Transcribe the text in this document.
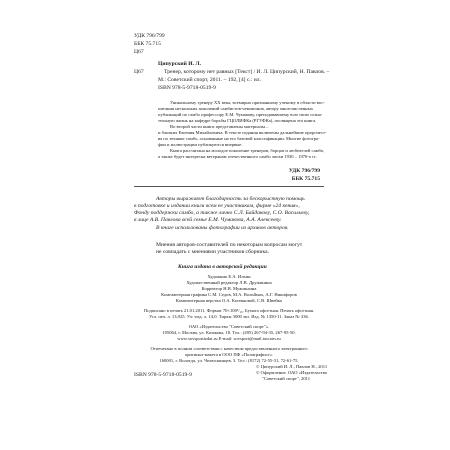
УДК 796/799
ББК 75.715
Ц67
Ципурский И. Л.
Ц67	Тренер, которому нет равных [Текст] / И. Л. Ципурский, Н. Павлов. –
М.: Советский спорт, 2011. – 192, [4] с.: ил.
ISBN 978-5-9718-0519-9
Уникальному тренеру XX века, всемирно признанному ученому в области вос-
питания нескольких поколений самбистов-чемпионов, автору многочисленных
публикаций по самбо профессору Е.М. Чумакову, преподававшему всю свою созна-
тельную жизнь на кафедре борьбы ГЦОЛИФКа (РГУФКа), посвящена эта книга.
Во второй части книги представлены материалы...
и близких Евгения Михайловича. В тексте издания включены дальнейшие пророчест-
ва по технике самбо, основанные на его базовой классификации. Многие фотогра-
фии и иллюстрации публикуются впервые.
Книга рассчитана на молодое поколение тренеров, борцов и любителей самбо,
а также будет интересна ветеранам отечественного самбо эпохи 1930 – 1970-х гг.
УДК 796/799
ББК 75.715
Авторы выражают благодарность за бескорыстную помощь
в подготовке и издании книги всем ее участникам, фирме «24 кения»,
Фонду поддержки самбо, а также лично С.Л. Байдакову, С.О. Васильеву,
в лице А.В. Павлова всей семье Е.М. Чумакова, А.А. Алексееву.
В книге использованы фотографии из архивов авторов.
Мнения авторов-составителей по некоторым вопросам могут
не совпадать с мнениями участников сборника.
Книга издана в авторской редакции
Художник Е.А. Ильин
Художественный редактор Л.В. Дружинина
Корректор Н.В. Мужиклина
Компьютерная графика С.М. Седов, М.А. Вольймах, А.Г. Никифоров
Компьютерная верстка О.А. Котенковой, С.В. Швейко
Подписано в печать 21.01.2011. Формат 70×100¹/₁₆. Бумага офсетная. Печать офсетная.
Усл. печ. л. 13,925. Уч.-изд. л. 14,0. Тираж 3000 экз. Изд. № 1350-11. Заказ № 336.
ОАО «Издательство "Советский спорт"».
105064, г. Москва, ул. Казакова, 18. Тел.: (495) 267-94-35, 267-95-50.
www.sovsportizdat.ru E-mail: sovsport@mail.tascom.ru
Отпечатано в полном соответствии с качеством предоставленного электронного
оригинал-макета в ООО ПФ «Полиграфист».
160001, г. Вологда, ул. Челюскинцев, 3. Тел.: (8172) 72-55-31, 72-61-75.
ISBN 978-5-9718-0519-9
© Ципурский И. Л., Павлов Н., 2011
© Оформление. ОАО «Издательство
"Советский спорт", 2011
